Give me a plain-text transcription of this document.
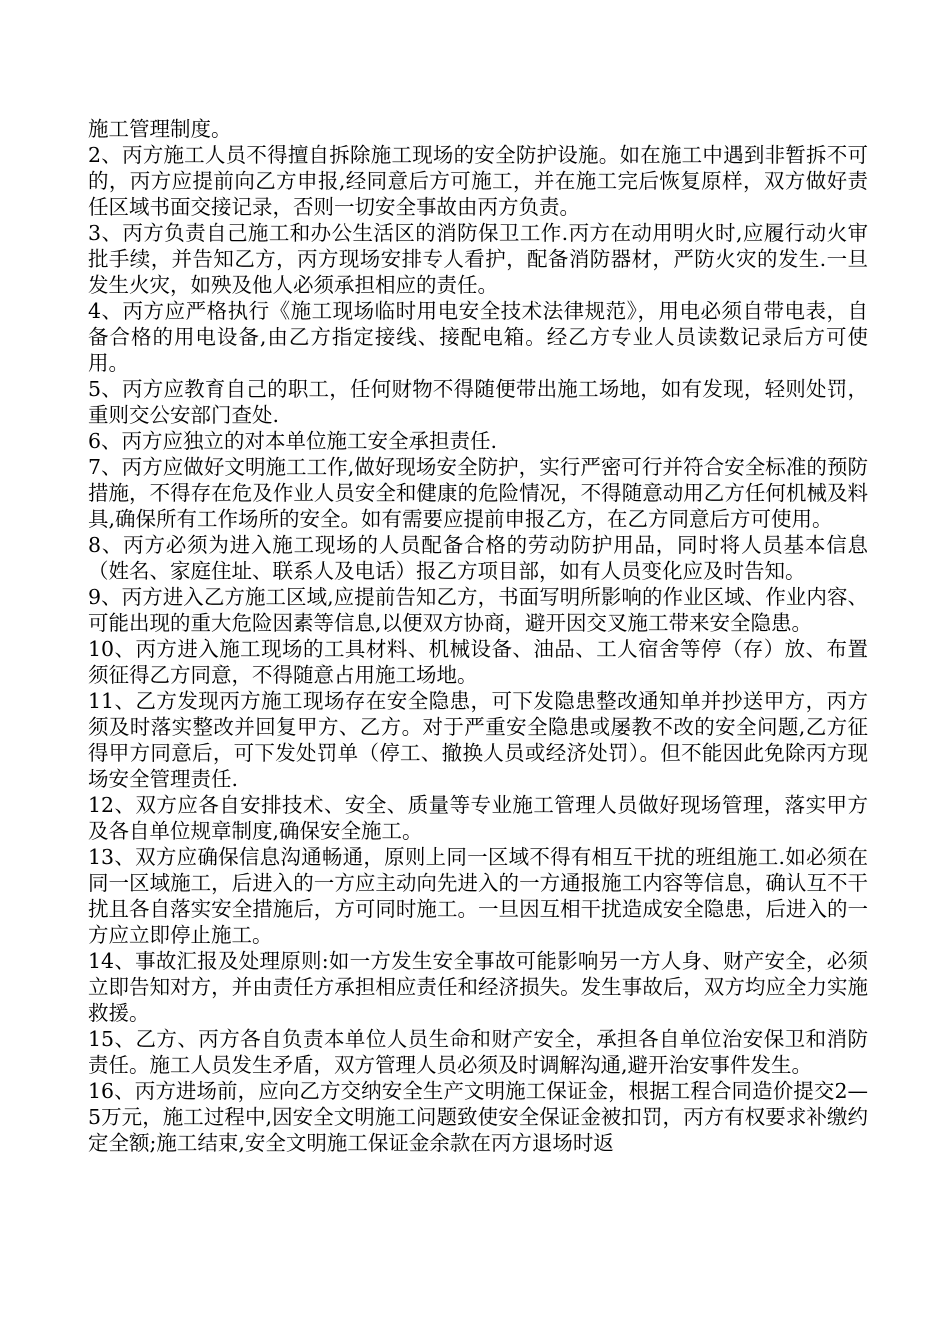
施工管理制度。

2、丙方施工人员不得擅自拆除施工现场的安全防护设施。如在施工中遇到非暂拆不可的，丙方应提前向乙方申报,经同意后方可施工，并在施工完后恢复原样，双方做好责任区域书面交接记录，否则一切安全事故由丙方负责。

3、丙方负责自己施工和办公生活区的消防保卫工作.丙方在动用明火时,应履行动火审批手续，并告知乙方，丙方现场安排专人看护，配备消防器材，严防火灾的发生.一旦发生火灾，如殃及他人必须承担相应的责任。

4、丙方应严格执行《施工现场临时用电安全技术法律规范》，用电必须自带电表，自备合格的用电设备,由乙方指定接线、接配电箱。经乙方专业人员读数记录后方可使用。

5、丙方应教育自己的职工，任何财物不得随便带出施工场地，如有发现，轻则处罚，重则交公安部门查处.

6、丙方应独立的对本单位施工安全承担责任.

7、丙方应做好文明施工工作,做好现场安全防护，实行严密可行并符合安全标准的预防措施，不得存在危及作业人员安全和健康的危险情况，不得随意动用乙方任何机械及料具,确保所有工作场所的安全。如有需要应提前申报乙方，在乙方同意后方可使用。

8、丙方必须为进入施工现场的人员配备合格的劳动防护用品，同时将人员基本信息（姓名、家庭住址、联系人及电话）报乙方项目部，如有人员变化应及时告知。

9、丙方进入乙方施工区域,应提前告知乙方，书面写明所影响的作业区域、作业内容、可能出现的重大危险因素等信息,以便双方协商，避开因交叉施工带来安全隐患。

10、丙方进入施工现场的工具材料、机械设备、油品、工人宿舍等停（存）放、布置须征得乙方同意，不得随意占用施工场地。

11、乙方发现丙方施工现场存在安全隐患，可下发隐患整改通知单并抄送甲方，丙方须及时落实整改并回复甲方、乙方。对于严重安全隐患或屡教不改的安全问题,乙方征得甲方同意后，可下发处罚单（停工、撤换人员或经济处罚）。但不能因此免除丙方现场安全管理责任.

12、双方应各自安排技术、安全、质量等专业施工管理人员做好现场管理，落实甲方及各自单位规章制度,确保安全施工。

13、双方应确保信息沟通畅通，原则上同一区域不得有相互干扰的班组施工.如必须在同一区域施工，后进入的一方应主动向先进入的一方通报施工内容等信息，确认互不干扰且各自落实安全措施后，方可同时施工。一旦因互相干扰造成安全隐患，后进入的一方应立即停止施工。

14、事故汇报及处理原则:如一方发生安全事故可能影响另一方人身、财产安全，必须立即告知对方，并由责任方承担相应责任和经济损失。发生事故后，双方均应全力实施救援。

15、乙方、丙方各自负责本单位人员生命和财产安全，承担各自单位治安保卫和消防责任。施工人员发生矛盾，双方管理人员必须及时调解沟通,避开治安事件发生。

16、丙方进场前，应向乙方交纳安全生产文明施工保证金，根据工程合同造价提交2—5万元，施工过程中,因安全文明施工问题致使安全保证金被扣罚，丙方有权要求补缴约定全额;施工结束,安全文明施工保证金余款在丙方退场时返
